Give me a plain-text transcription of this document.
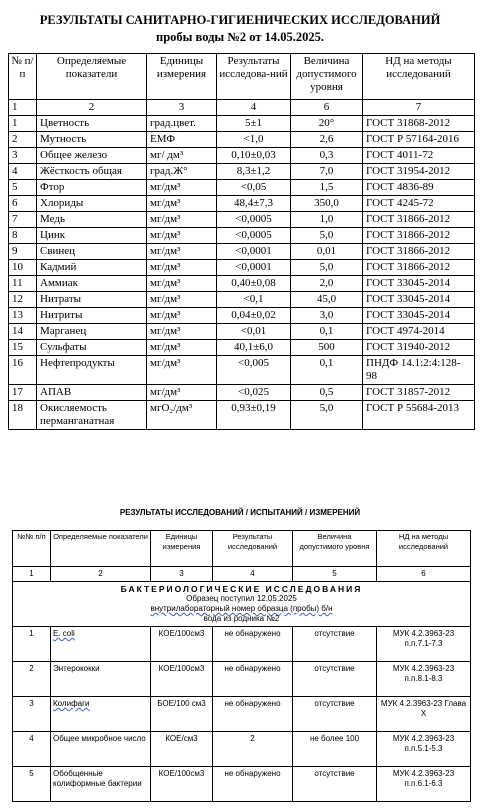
РЕЗУЛЬТАТЫ САНИТАРНО-ГИГИЕНИЧЕСКИХ ИССЛЕДОВАНИЙ
пробы воды №2 от 14.05.2025.
№ п/п	Определяемые показатели	Единицы измерения	Результаты исследова-ний	Величина допустимого уровня	НД на методы исследований
1	2	3	4	6	7
1	Цветность	град.цвет.	5±1	20°	ГОСТ 31868-2012
2	Мутность	ЕМФ	<1,0	2,6	ГОСТ Р 57164-2016
3	Общее железо	мг/ дм³	0,10±0,03	0,3	ГОСТ 4011-72
4	Жёсткость общая	град.Ж°	8,3±1,2	7,0	ГОСТ 31954-2012
5	Фтор	мг/дм³	<0,05	1,5	ГОСТ 4836-89
6	Хлориды	мг/дм³	48,4±7,3	350,0	ГОСТ 4245-72
7	Медь	мг/дм³	<0,0005	1,0	ГОСТ 31866-2012
8	Цинк	мг/дм³	<0,0005	5,0	ГОСТ 31866-2012
9	Свинец	мг/дм³	<0,0001	0,01	ГОСТ 31866-2012
10	Кадмий	мг/дм³	<0,0001	5,0	ГОСТ 31866-2012
11	Аммиак	мг/дм³	0,40±0,08	2,0	ГОСТ 33045-2014
12	Нитраты	мг/дм³	<0,1	45,0	ГОСТ 33045-2014
13	Нитриты	мг/дм³	0,04±0,02	3,0	ГОСТ 33045-2014
14	Марганец	мг/дм³	<0,01	0,1	ГОСТ 4974-2014
15	Сульфаты	мг/дм³	40,1±6,0	500	ГОСТ 31940-2012
16	Нефтепродукты	мг/дм³	<0,005	0,1	ПНДФ 14.1:2:4:128-98
17	АПАВ	мг/дм³	<0,025	0,5	ГОСТ 31857-2012
18	Окисляемость перманганатная	мгО₂/дм³	0,93±0,19	5,0	ГОСТ Р 55684-2013
РЕЗУЛЬТАТЫ ИССЛЕДОВАНИЙ / ИСПЫТАНИЙ / ИЗМЕРЕНИЙ
№№ п/п	Определяемые показатели	Единицы измерения	Результаты исследований	Величина допустимого уровня	НД на методы исследований
1	2	3	4	5	6

БАКТЕРИОЛОГИЧЕСКИЕ ИССЛЕДОВАНИЯ
Образец поступил 12.05.2025
внутрилабораторный номер образца (пробы) б/н
вода из родника №2					

1	E. coli	КОЕ/100см3	не обнаружено	отсутствие	МУК 4.2.3963-23 п.п.7.1-7.3
2	Энтерококки	КОЕ/100см3	не обнаружено	отсутствие	МУК 4.2.3963-23 п.п.8.1-8.3
3	Колифаги	БОЕ/100 см3	не обнаружено	отсутствие	МУК 4.2.3963-23 Глава X
4	Общее микробное число	КОЕ/см3	2	не более 100	МУК 4.2.3963-23 п.п.5.1-5.3
5	Обобщенные колиформные бактерии	КОЕ/100см3	не обнаружено	отсутствие	МУК 4.2.3963-23 п.п.6.1-6.3
